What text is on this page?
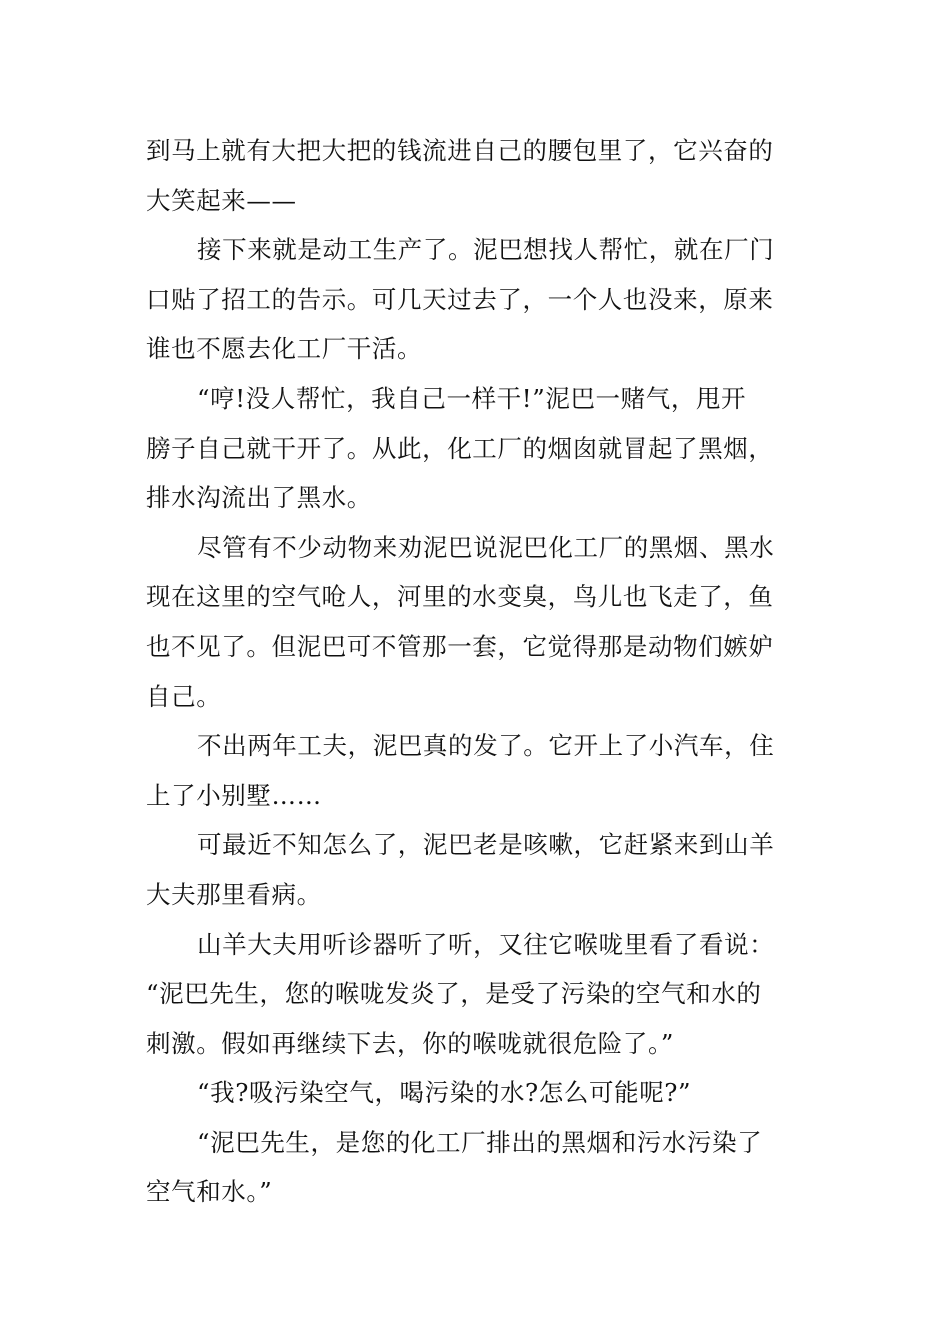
到马上就有大把大把的钱流进自己的腰包里了，它兴奋的
大笑起来——

接下来就是动工生产了。泥巴想找人帮忙，就在厂门
口贴了招工的告示。可几天过去了，一个人也没来，原来
谁也不愿去化工厂干活。

“哼!没人帮忙，我自己一样干!”泥巴一赌气，甩开
膀子自己就干开了。从此，化工厂的烟囱就冒起了黑烟，
排水沟流出了黑水。

尽管有不少动物来劝泥巴说泥巴化工厂的黑烟、黑水
现在这里的空气呛人，河里的水变臭，鸟儿也飞走了，鱼
也不见了。但泥巴可不管那一套，它觉得那是动物们嫉妒
自己。

不出两年工夫，泥巴真的发了。它开上了小汽车，住
上了小别墅……

可最近不知怎么了，泥巴老是咳嗽，它赶紧来到山羊
大夫那里看病。

山羊大夫用听诊器听了听，又往它喉咙里看了看说：
“泥巴先生，您的喉咙发炎了，是受了污染的空气和水的
刺激。假如再继续下去，你的喉咙就很危险了。”

“我?吸污染空气，喝污染的水?怎么可能呢?”

“泥巴先生，是您的化工厂排出的黑烟和污水污染了
空气和水。”
